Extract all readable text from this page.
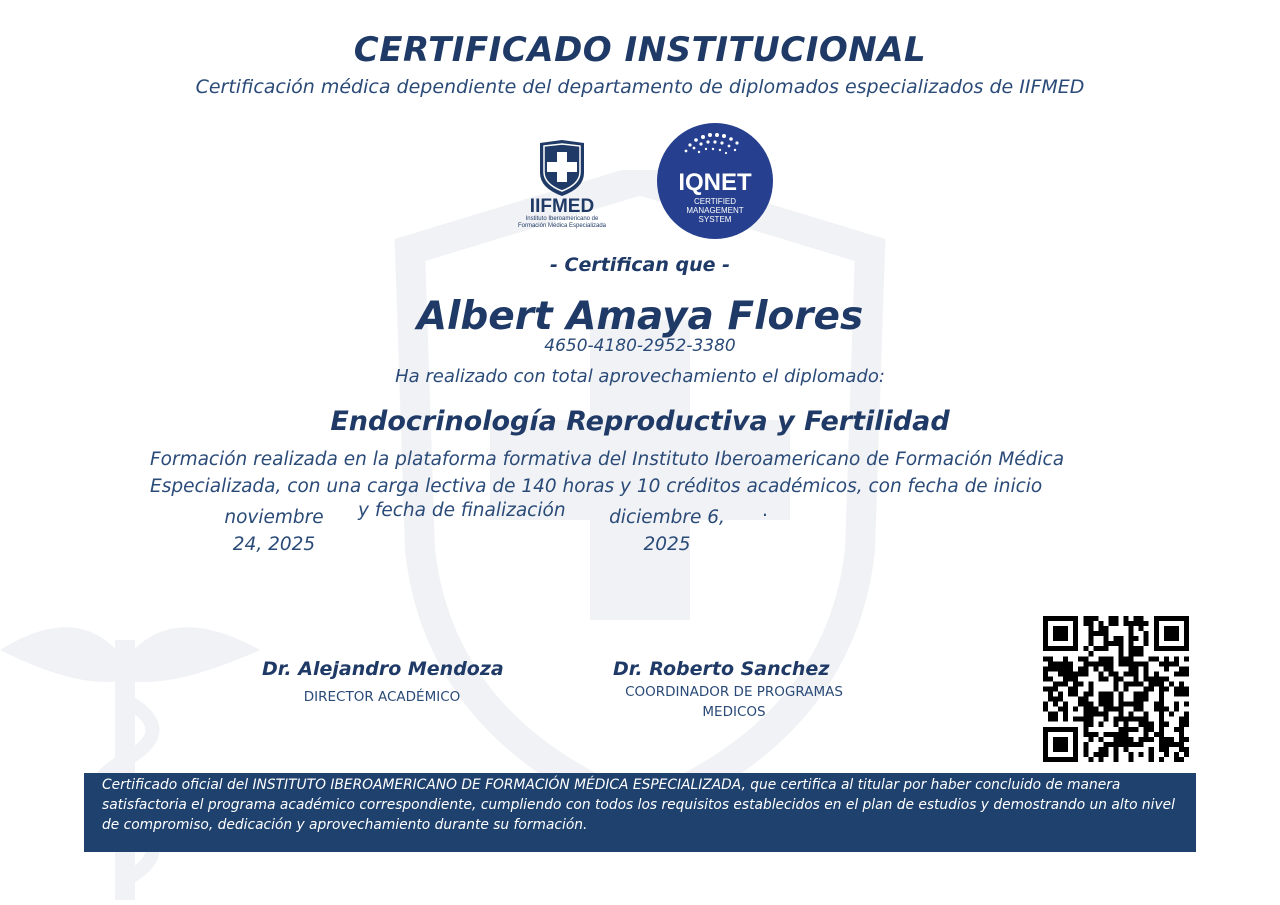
CERTIFICADO INSTITUCIONAL
Certificación médica dependiente del departamento de diplomados especializados de IIFMED
IIFMED
Instituto Iberoamericano de
Formación Médica Especializada
IQNET
CERTIFIED
MANAGEMENT
SYSTEM
- Certifican que -
Albert Amaya Flores
4650-4180-2952-3380
Ha realizado con total aprovechamiento el diplomado:
Endocrinología Reproductiva y Fertilidad
Formación realizada en la plataforma formativa del Instituto Iberoamericano de Formación Médica Especializada, con una carga lectiva de 140 horas y 10 créditos académicos, con fecha de inicio
noviembre
24, 2025
y fecha de finalización	diciembre 6,
2025
.
Dr. Alejandro Mendoza
DIRECTOR ACADÉMICO
Dr. Roberto Sanchez
COORDINADOR DE PROGRAMAS MEDICOS
Certificado oficial del INSTITUTO IBEROAMERICANO DE FORMACIÓN MÉDICA ESPECIALIZADA, que certifica al titular por haber concluido de manera satisfactoria el programa académico correspondiente, cumpliendo con todos los requisitos establecidos en el plan de estudios y demostrando un alto nivel de compromiso, dedicación y aprovechamiento durante su formación.
